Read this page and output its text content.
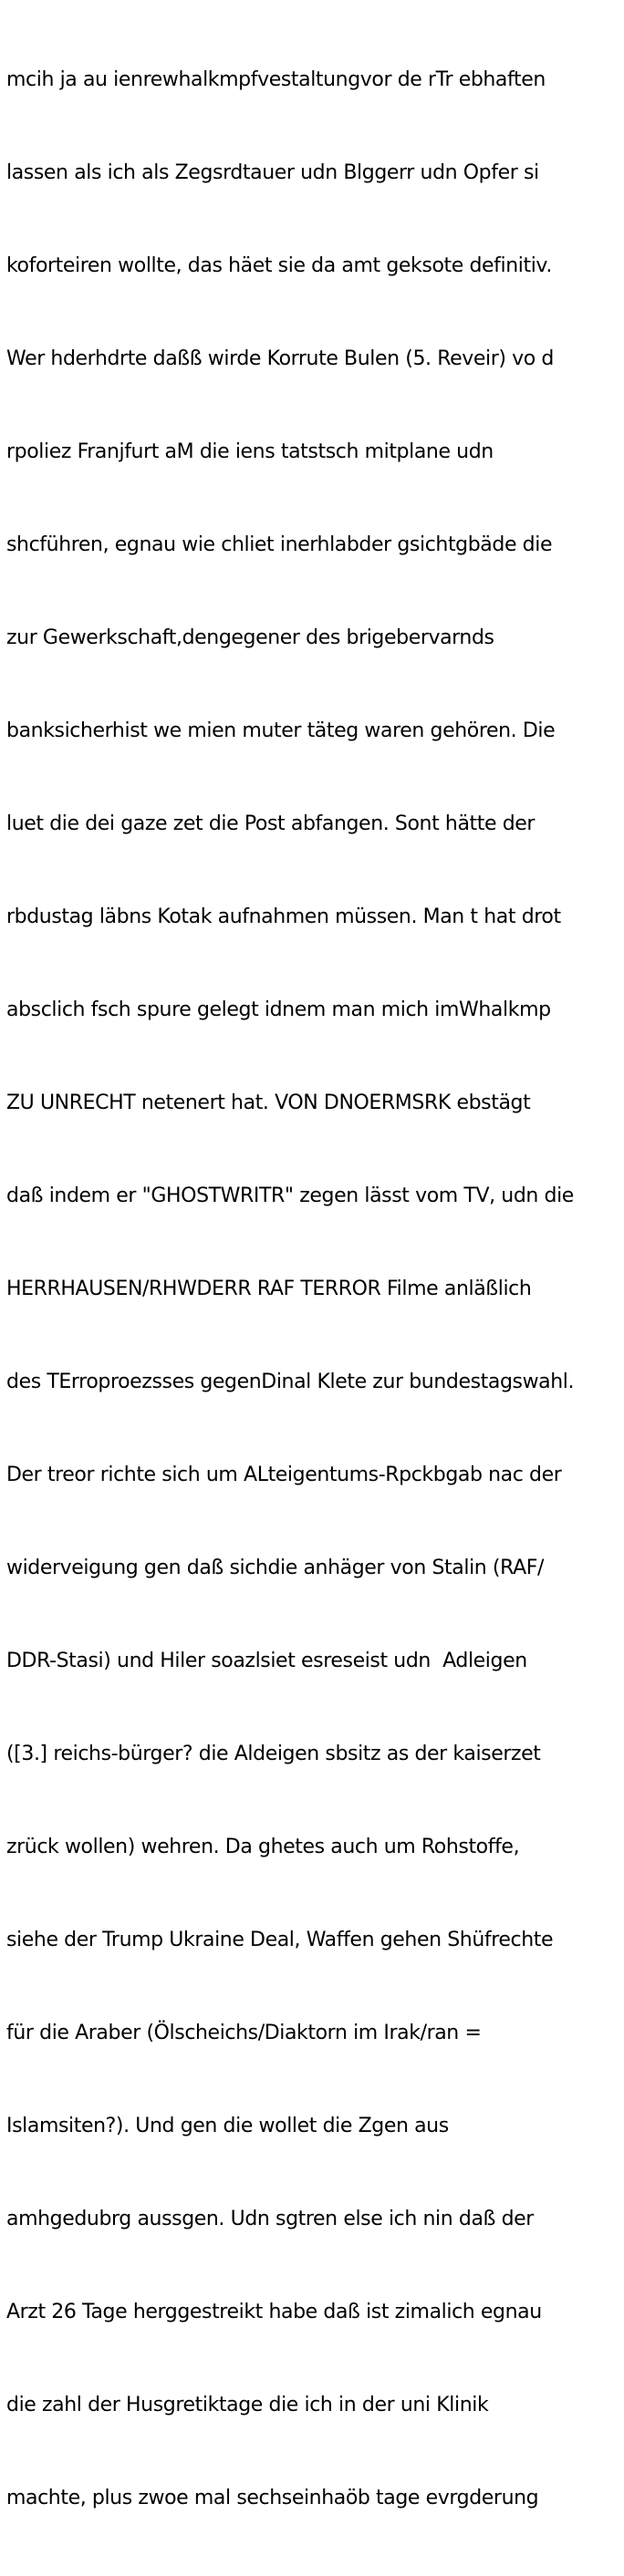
mcih ja au ienrewhalkmpfvestaltungvor de rTr ebhaften

lassen als ich als Zegsrdtauer udn Blggerr udn Opfer si

koforteiren wollte, das häet sie da amt geksote definitiv.

Wer hderhdrte daßß wirde Korrute Bulen (5. Reveir) vo d

rpoliez Franjfurt aM die iens tatstsch mitplane udn

shcführen, egnau wie chliet inerhlabder gsichtgbäde die

zur Gewerkschaft,dengegener des brigebervarnds

banksicherhist we mien muter täteg waren gehören. Die

luet die dei gaze zet die Post abfangen. Sont hätte der

rbdustag läbns Kotak aufnahmen müssen. Man t hat drot

absclich fsch spure gelegt idnem man mich imWhalkmp

ZU UNRECHT netenert hat. VON DNOERMSRK ebstägt

daß indem er "GHOSTWRITR" zegen lässt vom TV, udn die

HERRHAUSEN/RHWDERR RAF TERROR Filme anläßlich

des TErroproezsses gegenDinal Klete zur bundestagswahl.

Der treor richte sich um ALteigentums-Rpckbgab nac der

widerveigung gen daß sichdie anhäger von Stalin (RAF/

DDR-Stasi) und Hiler soazlsiet esreseist udn  Adleigen

([3.] reichs-bürger? die Aldeigen sbsitz as der kaiserzet

zrück wollen) wehren. Da ghetes auch um Rohstoffe,

siehe der Trump Ukraine Deal, Waffen gehen Shüfrechte

für die Araber (Ölscheichs/Diaktorn im Irak/ran =

Islamsiten?). Und gen die wollet die Zgen aus

amhgedubrg aussgen. Udn sgtren else ich nin daß der

Arzt 26 Tage herggestreikt habe daß ist zimalich egnau

die zahl der Husgretiktage die ich in der uni Klinik

machte, plus zwoe mal sechseinhaöb tage evrgderung
